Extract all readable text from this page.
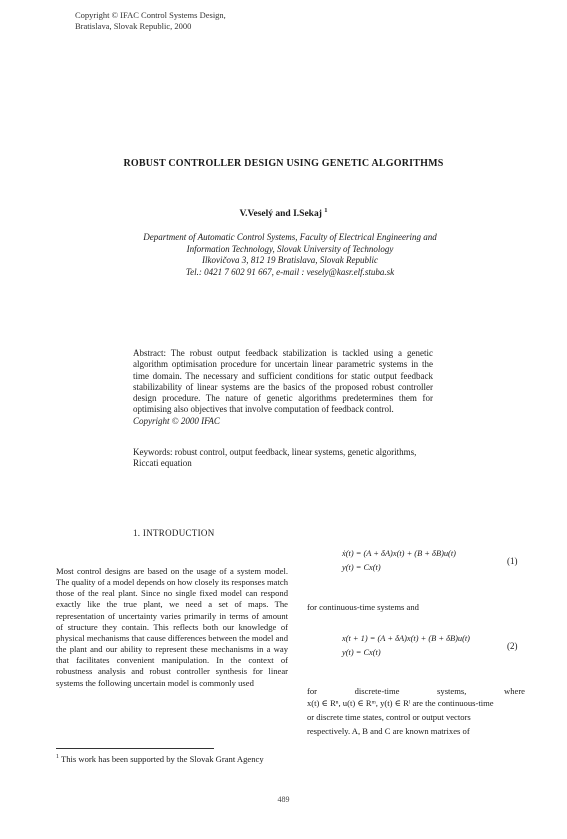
Copyright © IFAC Control Systems Design,
Bratislava, Slovak Republic, 2000
ROBUST CONTROLLER DESIGN USING GENETIC ALGORITHMS
V.Veselý and I.Sekaj $^1$
Department of Automatic Control Systems, Faculty of Electrical Engineering and
Information Technology, Slovak University of Technology
Ilkovičova 3, 812 19 Bratislava, Slovak Republic
Tel.: 0421 7 602 91 667, e-mail : vesely@kasr.elf.stuba.sk
Abstract: The robust output feedback stabilization is tackled using a genetic algorithm optimisation procedure for uncertain linear parametric systems in the time domain. The necessary and sufficient conditions for static output feedback stabilizability of linear systems are the basics of the proposed robust controller design procedure. The nature of genetic algorithms predetermines them for optimising also objectives that involve computation of feedback control.
Copyright © 2000 IFAC
Keywords: robust control, output feedback, linear systems, genetic algorithms, Riccati equation
1. INTRODUCTION
Most control designs are based on the usage of a system model. The quality of a model depends on how closely its responses match those of the real plant. Since no single fixed model can respond exactly like the true plant, we need a set of maps. The representation of uncertainty varies primarily in terms of amount of structure they contain. This reflects both our knowledge of physical mechanisms that cause differences between the model and the plant and our ability to represent these mechanisms in a way that facilitates convenient manipulation. In the context of robustness analysis and robust controller synthesis for linear systems the following uncertain model is commonly used
ẋ(t) = (A + δA)x(t) + (B + δB)u(t)
y(t) = Cx(t)
(1)
for continuous-time systems and
x(t + 1) = (A + δA)x(t) + (B + δB)u(t)
y(t) = Cx(t)
(2)
for	discrete-time	systems,	where
x(t) ∈ Rⁿ, u(t) ∈ Rᵐ, y(t) ∈ Rˡ are the continuous-time
or discrete time states, control or output vectors
respectively. A, B and C are known matrixes of
$^1$ This work has been supported by the Slovak Grant Agency
489
